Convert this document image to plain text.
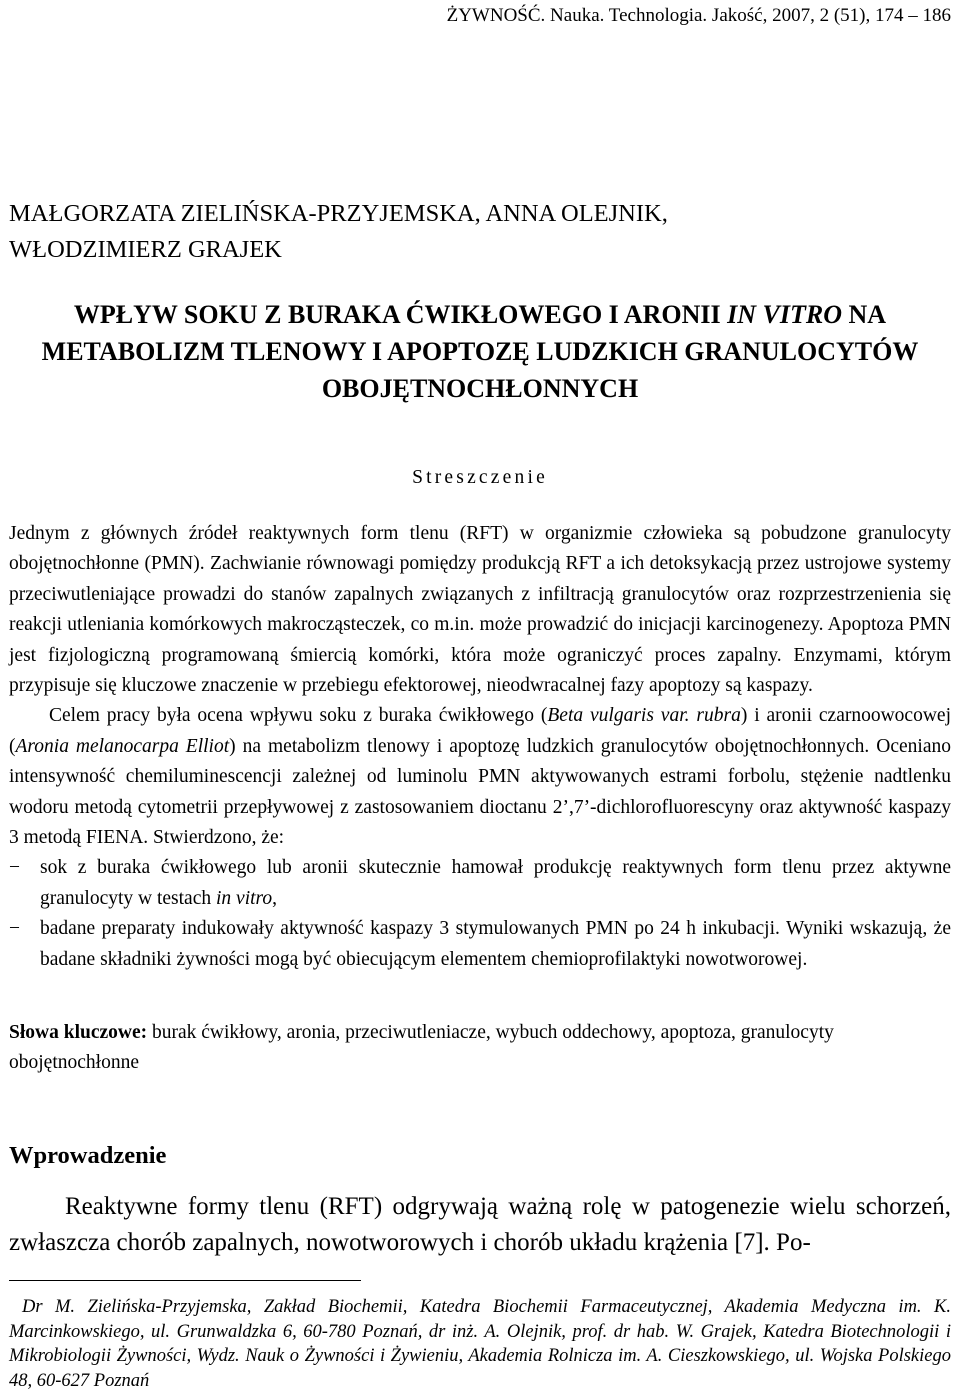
ŻYWNOŚĆ. Nauka. Technologia. Jakość, 2007, 2 (51), 174 – 186
MAŁGORZATA ZIELIŃSKA-PRZYJEMSKA, ANNA OLEJNIK,
WŁODZIMIERZ GRAJEK
WPŁYW SOKU Z BURAKA ĆWIKŁOWEGO I ARONII IN VITRO NA METABOLIZM TLENOWY I APOPTOZĘ LUDZKICH GRANULOCYTÓW OBOJĘTNOCHŁONNYCH
Streszczenie

Jednym z głównych źródeł reaktywnych form tlenu (RFT) w organizmie człowieka są pobudzone granulocyty obojętnochłonne (PMN). Zachwianie równowagi pomiędzy produkcją RFT a ich detoksykacją przez ustrojowe systemy przeciwutleniające prowadzi do stanów zapalnych związanych z infiltracją granulocytów oraz rozprzestrzenienia się reakcji utleniania komórkowych makrocząsteczek, co m.in. może prowadzić do inicjacji karcinogenezy. Apoptoza PMN jest fizjologiczną programowaną śmiercią komórki, która może ograniczyć proces zapalny. Enzymami, którym przypisuje się kluczowe znaczenie w przebiegu efektorowej, nieodwracalnej fazy apoptozy są kaspazy.

Celem pracy była ocena wpływu soku z buraka ćwikłowego (Beta vulgaris var. rubra) i aronii czarnoowocowej (Aronia melanocarpa Elliot) na metabolizm tlenowy i apoptozę ludzkich granulocytów obojętnochłonnych. Oceniano intensywność chemiluminescencji zależnej od luminolu PMN aktywowanych estrami forbolu, stężenie nadtlenku wodoru metodą cytometrii przepływowej z zastosowaniem dioctanu 2’,7’-dichlorofluorescyny oraz aktywność kaspazy 3 metodą FIENA. Stwierdzono, że:

− sok z buraka ćwikłowego lub aronii skutecznie hamował produkcję reaktywnych form tlenu przez aktywne granulocyty w testach in vitro,

− badane preparaty indukowały aktywność kaspazy 3 stymulowanych PMN po 24 h inkubacji. Wyniki wskazują, że badane składniki żywności mogą być obiecującym elementem chemioprofilaktyki nowotworowej.

Słowa kluczowe: burak ćwikłowy, aronia, przeciwutleniacze, wybuch oddechowy, apoptoza, granulocyty obojętnochłonne
Wprowadzenie

Reaktywne formy tlenu (RFT) odgrywają ważną rolę w patogenezie wielu schorzeń, zwłaszcza chorób zapalnych, nowotworowych i chorób układu krążenia [7]. Po-

Dr M. Zielińska-Przyjemska, Zakład Biochemii, Katedra Biochemii Farmaceutycznej, Akademia Medyczna im. K. Marcinkowskiego, ul. Grunwaldzka 6, 60-780 Poznań, dr inż. A. Olejnik, prof. dr hab. W. Grajek, Katedra Biotechnologii i Mikrobiologii Żywności, Wydz. Nauk o Żywności i Żywieniu, Akademia Rolnicza im. A. Cieszkowskiego, ul. Wojska Polskiego 48, 60-627 Poznań
